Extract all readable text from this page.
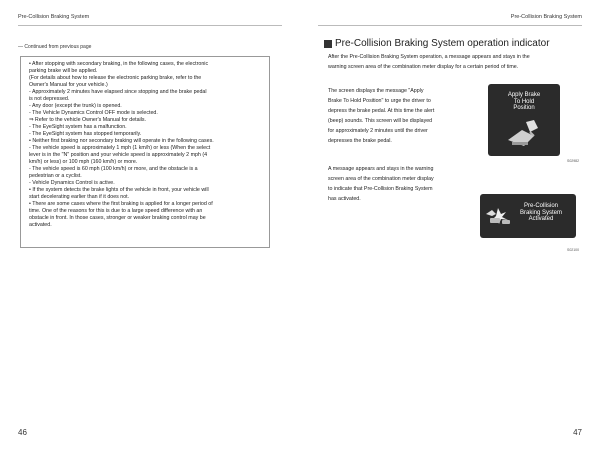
Pre-Collision Braking System	Pre-Collision Braking System
— Continued from previous page
• After stopping with secondary braking, in the following cases, the electronic
parking brake will be applied.
(For details about how to release the electronic parking brake, refer to the
Owner's Manual for your vehicle.)
- Approximately 2 minutes have elapsed since stopping and the brake pedal
is not depressed.
- Any door (except the trunk) is opened.
- The Vehicle Dynamics Control OFF mode is selected.
⇒ Refer to the vehicle Owner's Manual for details.
- The EyeSight system has a malfunction.
- The EyeSight system has stopped temporarily.
• Neither first braking nor secondary braking will operate in the following cases.
- The vehicle speed is approximately 1 mph (1 km/h) or less (When the select
lever is in the "N" position and your vehicle speed is approximately 2 mph (4
km/h) or less) or 100 mph (160 km/h) or more.
- The vehicle speed is 60 mph (100 km/h) or more, and the obstacle is a
pedestrian or a cyclist.
- Vehicle Dynamics Control is active.
• If the system detects the brake lights of the vehicle in front, your vehicle will
start decelerating earlier than if it does not.
• There are some cases where the first braking is applied for a longer period of
time. One of the reasons for this is due to a large speed difference with an
obstacle in front. In those cases, stronger or weaker braking control may be
activated.
Pre-Collision Braking System operation indicator
After the Pre-Collision Braking System operation, a message appears and stays in the
warning screen area of the combination meter display for a certain period of time.
The screen displays the message "Apply
Brake To Hold Position" to urge the driver to
depress the brake pedal. At this time the alert
(beep) sounds. This screen will be displayed
for approximately 2 minutes until the driver
depresses the brake pedal.
Apply Brake
To Hold
Position
S02982
A message appears and stays in the warning
screen area of the combination meter display
to indicate that Pre-Collision Braking System
has activated.
Pre-Collision
Braking System
Activated
S02100
46	47
